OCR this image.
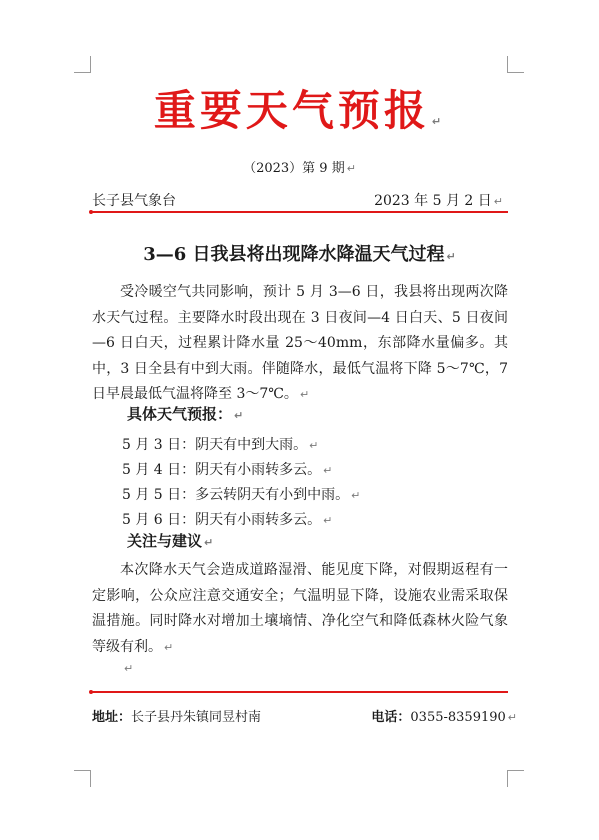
重要天气预报 ↵
（2023）第 9 期 ↵
长子县气象台	2023 年 5 月 2 日 ↵
3—6 日我县将出现降水降温天气过程 ↵

受冷暖空气共同影响，预计 5 月 3—6 日，我县将出现两次降水天气过程。主要降水时段出现在 3 日夜间—4 日白天、5 日夜间—6 日白天，过程累计降水量 25～40mm，东部降水量偏多。其中，3 日全县有中到大雨。伴随降水，最低气温将下降 5～7℃，7 日早晨最低气温将降至 3～7℃。 ↵

具体天气预报： ↵
5 月 3 日：阴天有中到大雨。 ↵
5 月 4 日：阴天有小雨转多云。 ↵
5 月 5 日：多云转阴天有小到中雨。 ↵
5 月 6 日：阴天有小雨转多云。 ↵
关注与建议 ↵

本次降水天气会造成道路湿滑、能见度下降，对假期返程有一定影响，公众应注意交通安全；气温明显下降，设施农业需采取保温措施。同时降水对增加土壤墒情、净化空气和降低森林火险气象等级有利。 ↵

↵
地址：长子县丹朱镇同昱村南	电话：0355-8359190 ↵
